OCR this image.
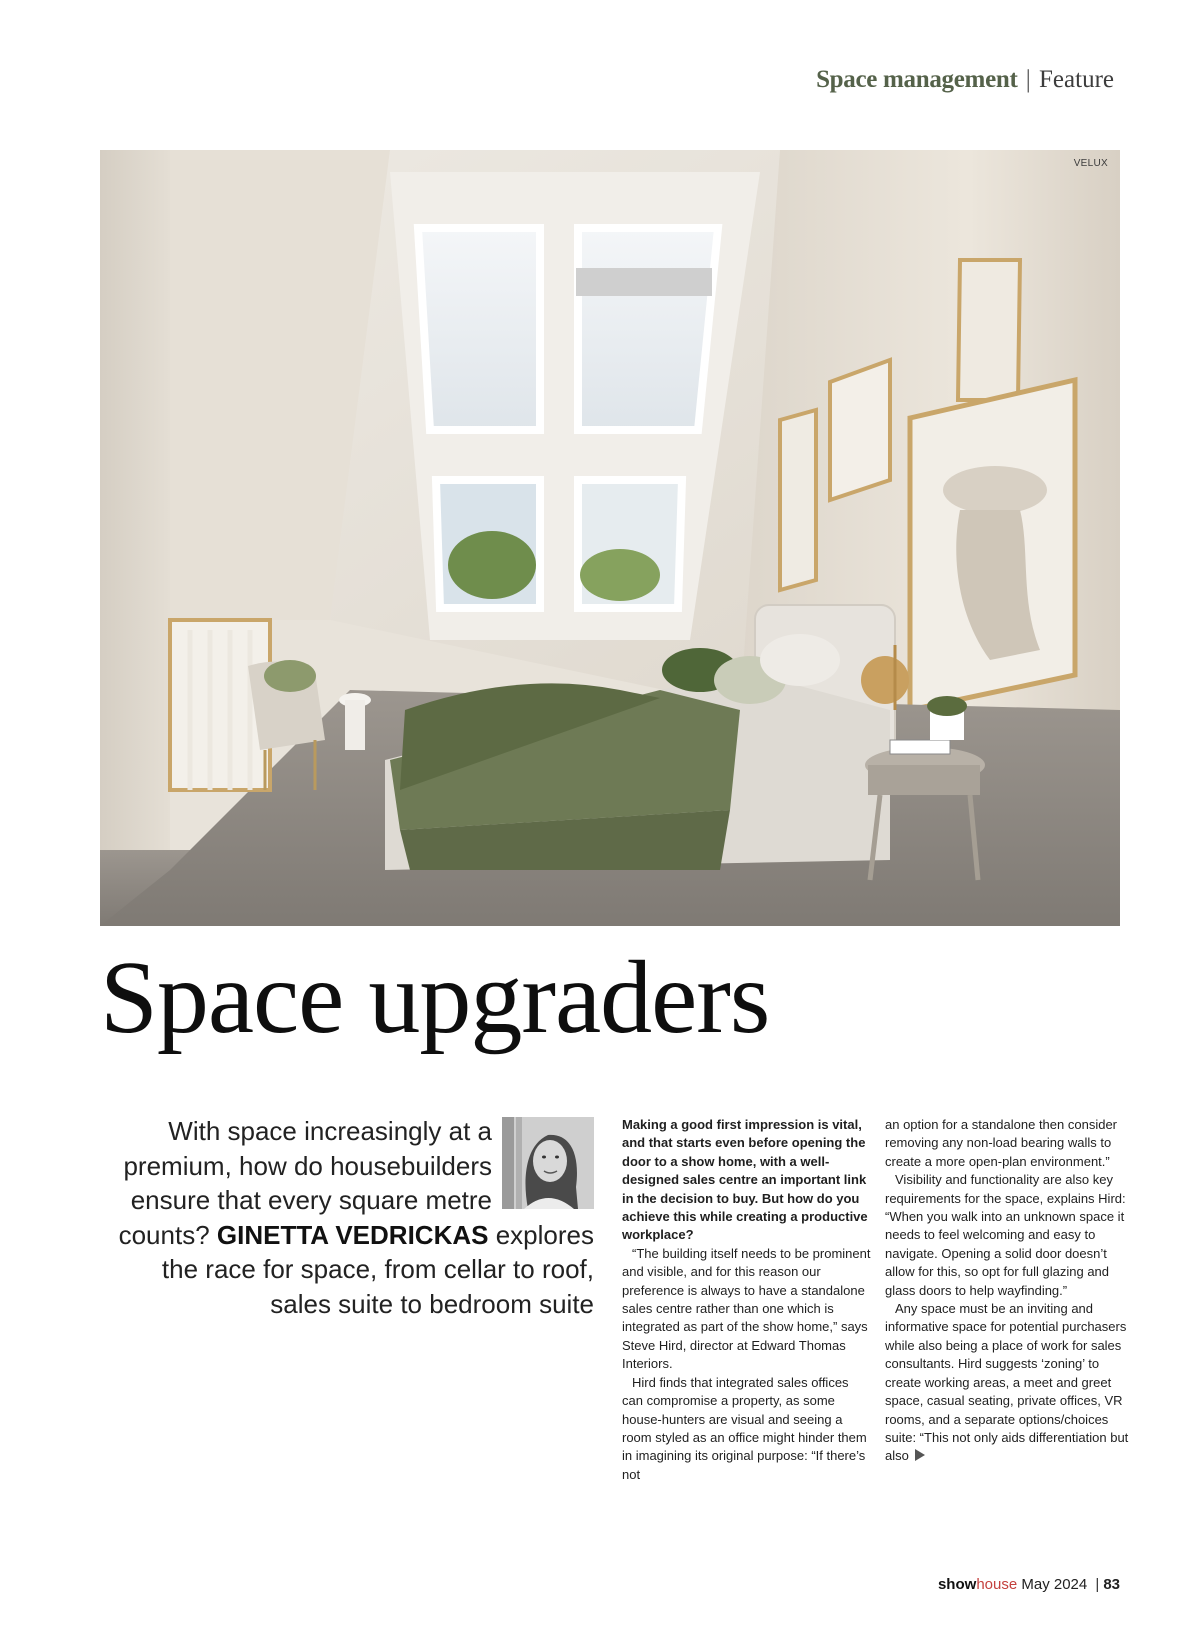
Space management | Feature
VELUX
Space upgraders
With space increasingly at a premium, how do housebuilders ensure that every square metre counts? GINETTA VEDRICKAS explores the race for space, from cellar to roof, sales suite to bedroom suite

Making a good first impression is vital, and that starts even before opening the door to a show home, with a well-designed sales centre an important link in the decision to buy. But how do you achieve this while creating a productive workplace?

“The building itself needs to be prominent and visible, and for this reason our preference is always to have a standalone sales centre rather than one which is integrated as part of the show home,” says Steve Hird, director at Edward Thomas Interiors.

Hird finds that integrated sales offices can compromise a property, as some house-hunters are visual and seeing a room styled as an office might hinder them in imagining its original purpose: “If there’s not

an option for a standalone then consider removing any non-load bearing walls to create a more open-plan environment.”

Visibility and functionality are also key requirements for the space, explains Hird: “When you walk into an unknown space it needs to feel welcoming and easy to navigate. Opening a solid door doesn’t allow for this, so opt for full glazing and glass doors to help wayfinding.”

Any space must be an inviting and informative space for potential purchasers while also being a place of work for sales consultants. Hird suggests ‘zoning’ to create working areas, a meet and greet space, casual seating, private offices, VR rooms, and a separate options/choices suite: “This not only aids differentiation but also

showhouse May 2024 | 83
